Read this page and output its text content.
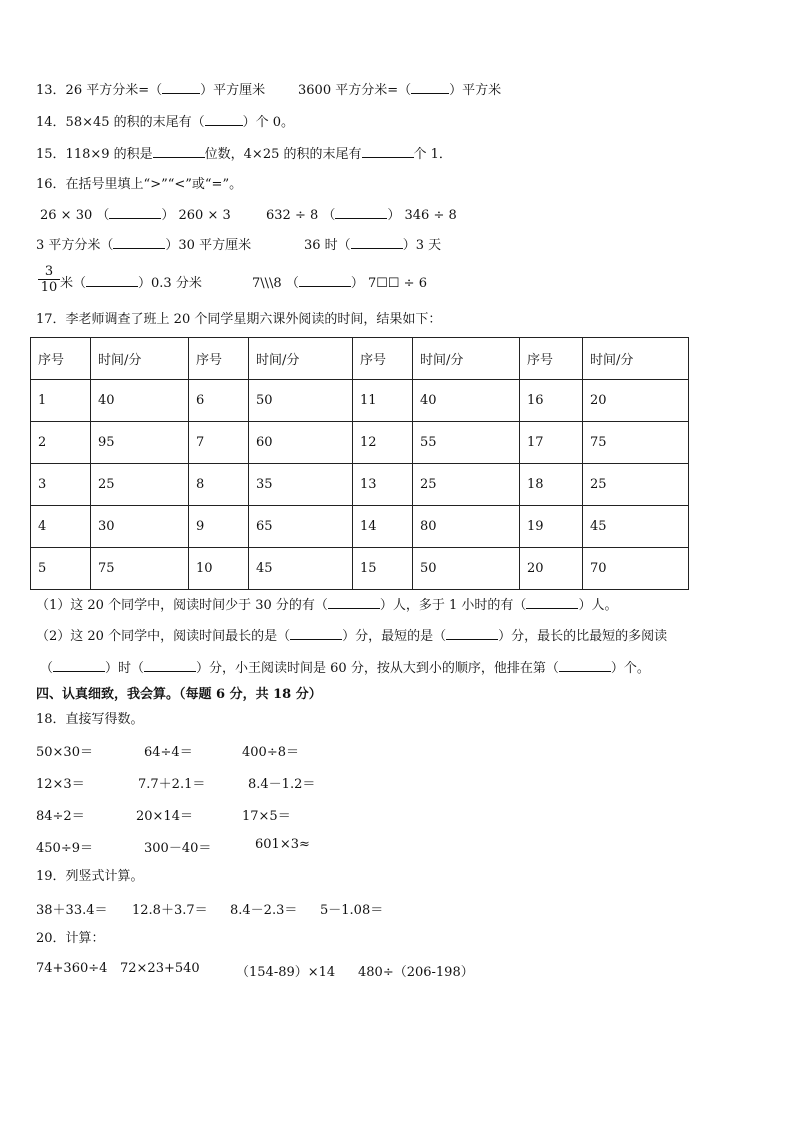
13．26 平方分米=（	）平方厘米	3600 平方分米=（	）平方米
14．58×45 的积的末尾有（	）个 0。
15．118×9 的积是	位数，4×25 的积的末尾有	个 1．
16．在括号里填上“>”“<”或“=”。
26 × 30 （	） 260 × 3	632 ÷ 8 （	） 346 ÷ 8
3 平方分米（	）30 平方厘米	36 时（	）3 天
$\frac{3}{10}$ 米（	）0.3 分米	7\\\8 （	） 7☐☐ ÷ 6
17．李老师调查了班上 20 个同学星期六课外阅读的时间，结果如下：
序号	时间/分	序号	时间/分	序号	时间/分	序号	时间/分
1	40	6	50	11	40	16	20
2	95	7	60	12	55	17	75
3	25	8	35	13	25	18	25
4	30	9	65	14	80	19	45
5	75	10	45	15	50	20	70
（1）这 20 个同学中，阅读时间少于 30 分的有（	）人，多于 1 小时的有（	）人。
（2）这 20 个同学中，阅读时间最长的是（	）分，最短的是（	）分，最长的比最短的多阅读
（	）时（	）分，小王阅读时间是 60 分，按从大到小的顺序，他排在第（	）个。
四、认真细致，我会算。（每题 6 分，共 18 分）
18．直接写得数。
50×30＝	64÷4＝	400÷8＝
12×3＝	7.7＋2.1＝	8.4－1.2＝
84÷2＝	20×14＝	17×5＝
450÷9＝	300－40＝	601×3≈
19．列竖式计算。
38＋33.4＝ 12.8＋3.7＝ 8.4－2.3＝ 5－1.08＝
20．计算：
74+360÷4 72×23+540	（154-89）×14 480÷（206-198）
